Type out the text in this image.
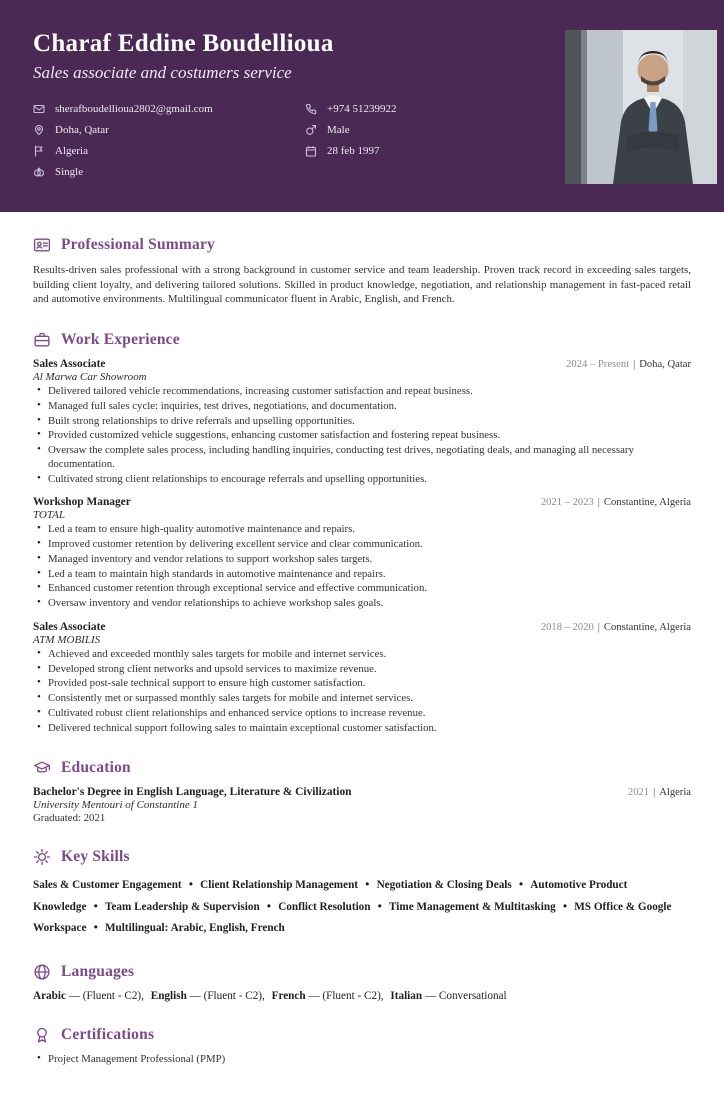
Charaf Eddine Boudellioua
Sales associate and costumers service
sherafboudellioua2802@gmail.com
Doha, Qatar
Algeria
Single
+974 51239922
Male
28 feb 1997
Professional Summary

Results-driven sales professional with a strong background in customer service and team leadership. Proven track record in exceeding sales targets, building client loyalty, and delivering tailored solutions. Skilled in product knowledge, negotiation, and relationship management in fast-paced retail and automotive environments. Multilingual communicator fluent in Arabic, English, and French.

Work Experience
Sales Associate	2024 – Present | Doha, Qatar

Al Marwa Car Showroom

• Delivered tailored vehicle recommendations, increasing customer satisfaction and repeat business.
• Managed full sales cycle: inquiries, test drives, negotiations, and documentation.
• Built strong relationships to drive referrals and upselling opportunities.
• Provided customized vehicle suggestions, enhancing customer satisfaction and fostering repeat business.
• Oversaw the complete sales process, including handling inquiries, conducting test drives, negotiating deals, and managing all necessary documentation.
• Cultivated strong client relationships to encourage referrals and upselling opportunities.
Workshop Manager	2021 – 2023 | Constantine, Algeria

TOTAL

• Led a team to ensure high-quality automotive maintenance and repairs.
• Improved customer retention by delivering excellent service and clear communication.
• Managed inventory and vendor relations to support workshop sales targets.
• Led a team to maintain high standards in automotive maintenance and repairs.
• Enhanced customer retention through exceptional service and effective communication.
• Oversaw inventory and vendor relationships to achieve workshop sales goals.
Sales Associate	2018 – 2020 | Constantine, Algeria

ATM MOBILIS

• Achieved and exceeded monthly sales targets for mobile and internet services.
• Developed strong client networks and upsold services to maximize revenue.
• Provided post-sale technical support to ensure high customer satisfaction.
• Consistently met or surpassed monthly sales targets for mobile and internet services.
• Cultivated robust client relationships and enhanced service options to increase revenue.
• Delivered technical support following sales to maintain exceptional customer satisfaction.
Education
Bachelor's Degree in English Language, Literature & Civilization	2021 | Algeria

University Mentouri of Constantine 1

Graduated: 2021

Key Skills

Sales & Customer Engagement ● Client Relationship Management ● Negotiation & Closing Deals ● Automotive Product Knowledge ● Team Leadership & Supervision ● Conflict Resolution ● Time Management & Multitasking ● MS Office & Google Workspace ● Multilingual: Arabic, English, French

Languages

Arabic — (Fluent - C2), English — (Fluent - C2), French — (Fluent - C2), Italian — Conversational

Certifications
• Project Management Professional (PMP)
